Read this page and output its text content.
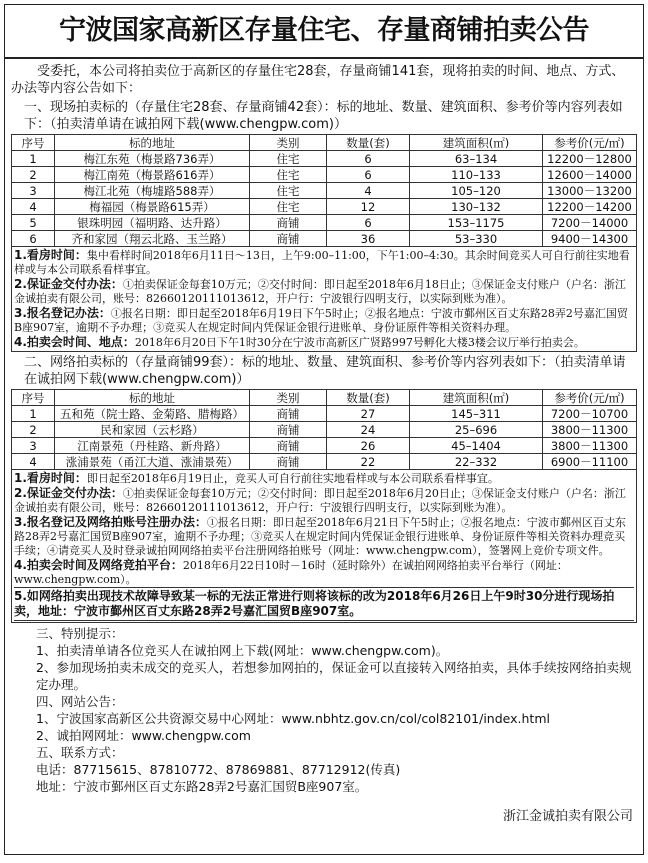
宁波国家高新区存量住宅、存量商铺拍卖公告

受委托，本公司将拍卖位于高新区的存量住宅28套，存量商铺141套，现将拍卖的时间、地点、方式、办法等内容公告如下：

一、现场拍卖标的（存量住宅28套、存量商铺42套）：标的地址、数量、建筑面积、参考价等内容列表如下：（拍卖清单请在诚拍网下载(www.chengpw.com)）

序号	标的地址	类别	数量(套)	建筑面积(㎡)	参考价(元/㎡)
1	梅江东苑（梅景路736弄）	住宅	6	63–134	12200－12800
2	梅江南苑（梅景路616弄）	住宅	6	110–133	12600－14000
3	梅江北苑（梅墟路588弄）	住宅	4	105–120	13000－13200
4	梅福园（梅景路615弄）	住宅	12	130–132	12200－14200
5	银珠明园（福明路、达升路）	商铺	6	153–1175	7200－14000
6	齐和家园（翔云北路、玉兰路）	商铺	36	53–330	9400－14300

1.看房时间：集中看样时间2018年6月11日～13日，上午9:00–11:00，下午1:00–4:30。其余时间竞买人可自行前往实地看样或与本公司联系看样事宜。

2.保证金交付办法：①拍卖保证金每套10万元；②交付时间：即日起至2018年6月18日止；③保证金支付账户（户名：浙江金诚拍卖有限公司，账号：82660120111013612，开户行：宁波银行四明支行，以实际到账为准）。

3.报名登记办法：①报名日期：即日起至2018年6月19日下午5时止；②报名地点：宁波市鄞州区百丈东路28弄2号嘉汇国贸B座907室，逾期不予办理；③竞买人在规定时间内凭保证金银行进账单、身份证原件等相关资料办理。

4.拍卖会时间、地点：2018年6月20日下午1时30分在宁波市高新区广贤路997号孵化大楼3楼会议厅举行拍卖会。

二、网络拍卖标的（存量商铺99套）：标的地址、数量、建筑面积、参考价等内容列表如下：（拍卖清单请在诚拍网下载(www.chengpw.com)）

序号	标的地址	类别	数量(套)	建筑面积(㎡)	参考价(元/㎡)
1	五和苑（院士路、金菊路、腊梅路）	商铺	27	145–311	7200－10700
2	民和家园（云杉路）	商铺	24	25–696	3800－11300
3	江南景苑（丹桂路、新舟路）	商铺	26	45–1404	3800－11300
4	涨浦景苑（甬江大道、涨浦景苑）	商铺	22	22–332	6900－11100

1.看房时间：即日起至2018年6月19日止，竞买人可自行前往实地看样或与本公司联系看样事宜。

2.保证金交付办法：①拍卖保证金每套10万元；②交付时间：即日起至2018年6月20日止；③保证金支付账户（户名：浙江金诚拍卖有限公司，账号：82660120111013612，开户行：宁波银行四明支行，以实际到账为准）。

3.报名登记及网络拍账号注册办法：①报名日期：即日起至2018年6月21日下午5时止；②报名地点：宁波市鄞州区百丈东路28弄2号嘉汇国贸B座907室，逾期不予办理；③竞买人在规定时间内凭保证金银行进账单、身份证原件等相关资料办理竞买手续；④请竞买人及时登录诚拍网网络拍卖平台注册网络拍账号（网址：www.chengpw.com），签署网上竞价专项文件。

4.拍卖会时间及网络竞拍平台：2018年6月22日10时－16时（延时除外）在诚拍网网络拍卖平台举行（网址：www.chengpw.com）。

5.如网络拍卖出现技术故障导致某一标的无法正常进行则将该标的改为2018年6月26日上午9时30分进行现场拍卖，地址：宁波市鄞州区百丈东路28弄2号嘉汇国贸B座907室。

三、特别提示：

1、拍卖清单请各位竞买人在诚拍网上下载(网址：www.chengpw.com)。

2、参加现场拍卖未成交的竞买人，若想参加网拍的，保证金可以直接转入网络拍卖，具体手续按网络拍卖规定办理。

四、网站公告：

1、宁波国家高新区公共资源交易中心网址：www.nbhtz.gov.cn/col/col82101/index.html

2、诚拍网网址：www.chengpw.com

五、联系方式：

电话：87715615、87810772、87869881、87712912(传真)

地址：宁波市鄞州区百丈东路28弄2号嘉汇国贸B座907室。

浙江金诚拍卖有限公司
